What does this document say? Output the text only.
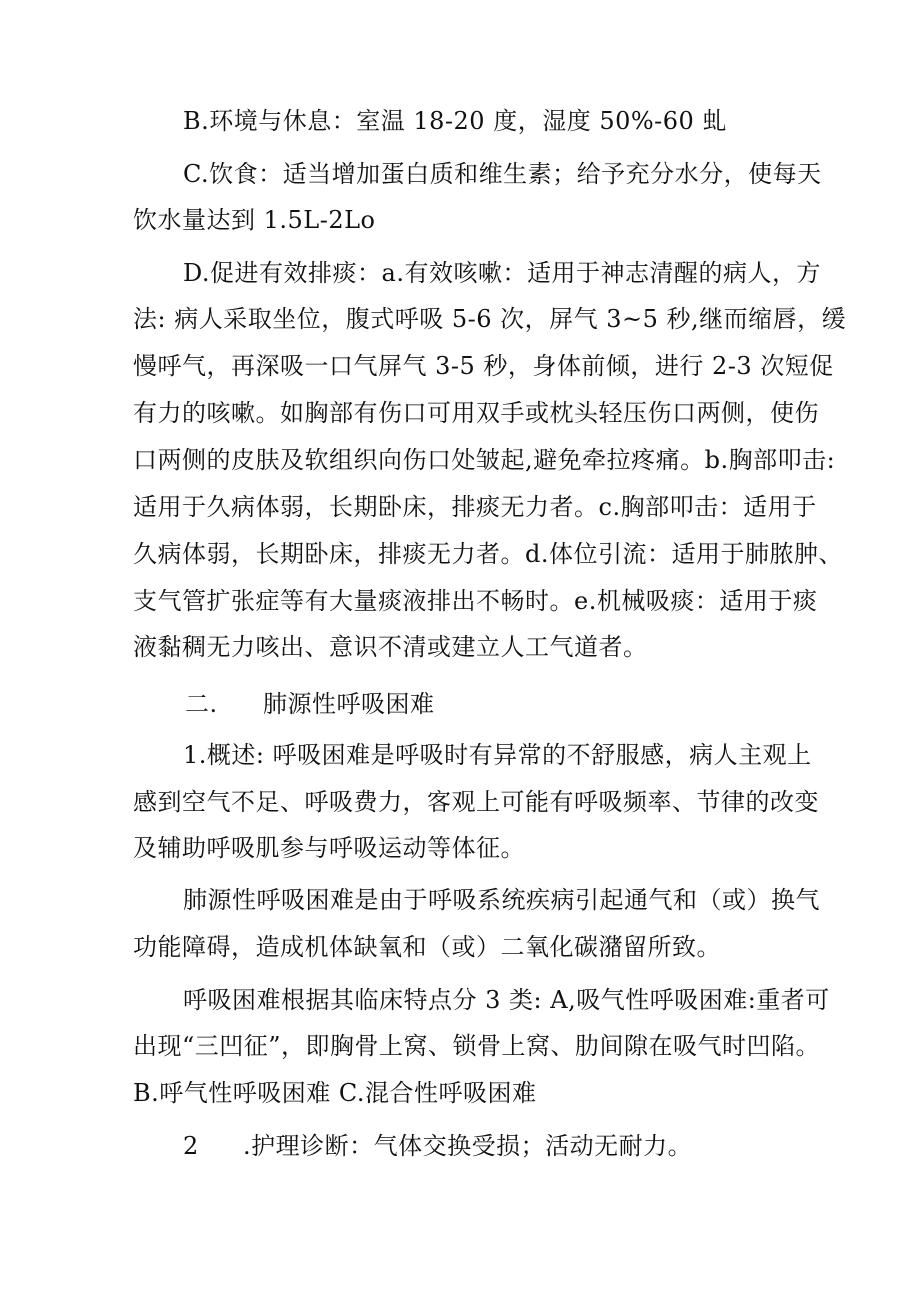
B.环境与休息：室温 18-20 度，湿度 50%-60 虬
C.饮食：适当增加蛋白质和维生素；给予充分水分，使每天
饮水量达到 1.5L-2Lo
D.促进有效排痰：a.有效咳嗽：适用于神志清醒的病人，方
法: 病人采取坐位，腹式呼吸 5-6 次，屏气 3~5 秒,继而缩唇，缓
慢呼气，再深吸一口气屏气 3-5 秒，身体前倾，进行 2-3 次短促
有力的咳嗽。如胸部有伤口可用双手或枕头轻压伤口两侧，使伤
口两侧的皮肤及软组织向伤口处皱起,避免牵拉疼痛。b.胸部叩击:
适用于久病体弱，长期卧床，排痰无力者。c.胸部叩击：适用于
久病体弱，长期卧床，排痰无力者。d.体位引流：适用于肺脓肿、
支气管扩张症等有大量痰液排出不畅时。e.机械吸痰：适用于痰
液黏稠无力咳出、意识不清或建立人工气道者。
二. 肺源性呼吸困难
1.概述: 呼吸困难是呼吸时有异常的不舒服感，病人主观上
感到空气不足、呼吸费力，客观上可能有呼吸频率、节律的改变
及辅助呼吸肌参与呼吸运动等体征。
肺源性呼吸困难是由于呼吸系统疾病引起通气和（或）换气
功能障碍，造成机体缺氧和（或）二氧化碳潴留所致。
呼吸困难根据其临床特点分 3 类: A,吸气性呼吸困难:重者可
出现“三凹征”，即胸骨上窝、锁骨上窝、肋间隙在吸气时凹陷。
B.呼气性呼吸困难 C.混合性呼吸困难
2 .护理诊断：气体交换受损；活动无耐力。
